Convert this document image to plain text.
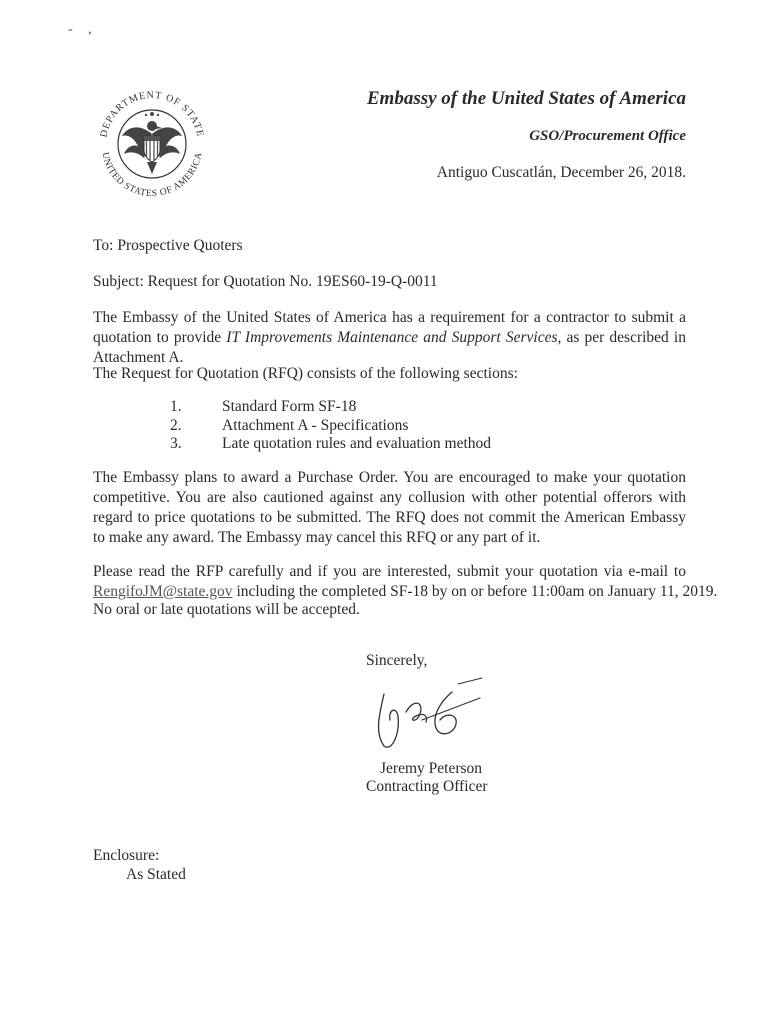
- ,
DEPARTMENT OF STATE
UNITED STATES OF AMERICA
Embassy of the United States of America
GSO/Procurement Office
Antiguo Cuscatlán, December 26, 2018.
To: Prospective Quoters
Subject: Request for Quotation No. 19ES60-19-Q-0011
The Embassy of the United States of America has a requirement for a contractor to submit a quotation to provide IT Improvements Maintenance and Support Services, as per described in Attachment A.
The Request for Quotation (RFQ) consists of the following sections:
1.	Standard Form SF-18
2.	Attachment A - Specifications
3.	Late quotation rules and evaluation method
The Embassy plans to award a Purchase Order. You are encouraged to make your quotation competitive. You are also cautioned against any collusion with other potential offerors with regard to price quotations to be submitted. The RFQ does not commit the American Embassy to make any award. The Embassy may cancel this RFQ or any part of it.
Please read the RFP carefully and if you are interested, submit your quotation via e-mail to
RengifoJM@state.gov including the completed SF-18 by on or before 11:00am on January 11, 2019.
No oral or late quotations will be accepted.
Sincerely,
Jeremy Peterson
Contracting Officer
Enclosure:
As Stated
